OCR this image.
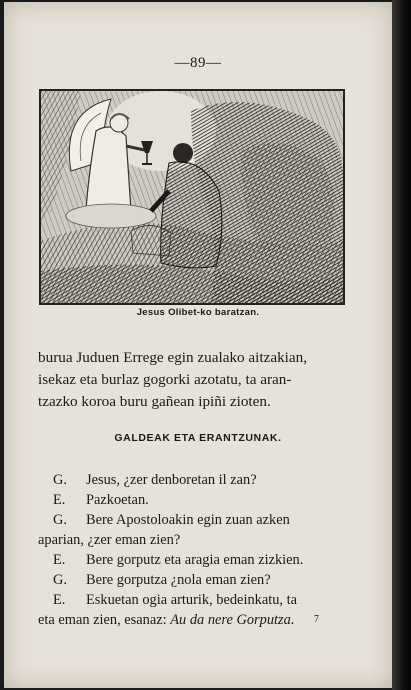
—89—
Jesus Olibet-ko baratzan.
burua Juduen Errege egin zualako aitzakian,
isekaz eta burlaz gogorki azotatu, ta aran-
tzazko koroa buru gañean ipiñi zioten.
GALDEAK ETA ERANTZUNAK.
G. Jesus, ¿zer denboretan il zan?
E. Pazkoetan.
G. Bere Apostoloakin egin zuan azken
aparian, ¿zer eman zien?
E. Bere gorputz eta aragia eman zizkien.
G. Bere gorputza ¿nola eman zien?
E. Eskuetan ogia arturik, bedeinkatu, ta
eta eman zien, esanaz: Au da nere Gorputza. 7
